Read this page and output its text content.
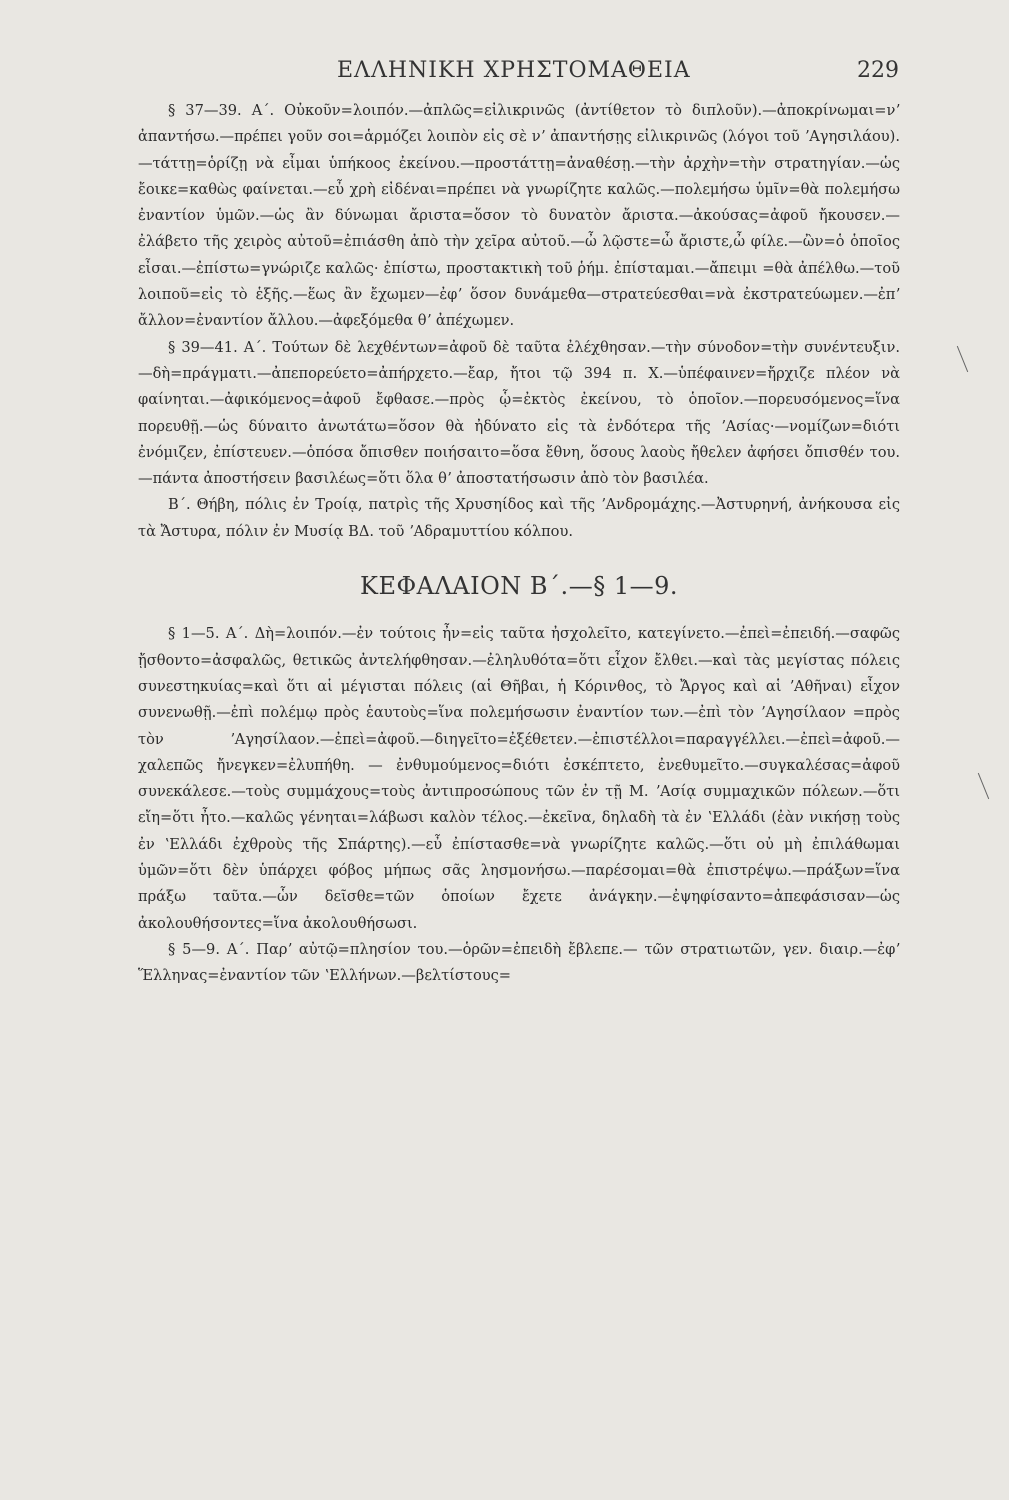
ΕΛΛΗΝΙΚΗ ΧΡΗΣΤΟΜΑΘΕΙΑ	229

§ 37—39. Α΄. Οὐκοῦν=λοιπόν.—ἀπλῶς=εἰλικρινῶς (ἀντίθετον τὸ διπλοῦν).—ἀποκρίνωμαι=νʼ ἀπαντήσω.—πρέπει γοῦν σοι=ἁρμόζει λοιπὸν εἰς σὲ νʼ ἀπαντήσῃς εἰλικρινῶς (λόγοι τοῦ ʼΑγησιλάου).—τάττῃ=ὁρίζῃ νὰ εἶμαι ὑπήκοος ἐκείνου.—προστάττῃ=ἀναθέσῃ.—τὴν ἀρχὴν=τὴν στρατηγίαν.—ὡς ἔοικε=καθὼς φαίνεται.—εὖ χρὴ εἰδέναι=πρέπει νὰ γνωρίζητε καλῶς.—πολεμήσω ὑμῖν=θὰ πολεμήσω ἐναντίον ὑμῶν.—ὡς ἂν δύνωμαι ἄριστα=ὅσον τὸ δυνατὸν ἄριστα.—ἀκούσας=ἀφοῦ ἤκουσεν.—ἐλάβετο τῆς χειρὸς αὐτοῦ=ἐπιάσθη ἀπὸ τὴν χεῖρα αὐτοῦ.—ὦ λῷστε=ὦ ἄριστε,ὦ φίλε.—ὢν=ὁ ὁποῖος εἶσαι.—ἐπίστω=γνώριζε καλῶς· ἐπίστω, προστακτικὴ τοῦ ῥήμ. ἐπίσταμαι.—ἄπειμι =θὰ ἀπέλθω.—τοῦ λοιποῦ=εἰς τὸ ἑξῆς.—ἕως ἂν ἔχωμεν—ἐφʼ ὅσον δυνάμεθα—στρατεύεσθαι=νὰ ἐκστρατεύωμεν.—ἐπʼ ἄλλον=ἐναντίον ἄλλου.—ἀφεξόμεθα θʼ ἀπέχωμεν.

§ 39—41. Α΄. Τούτων δὲ λεχθέντων=ἀφοῦ δὲ ταῦτα ἐλέχθησαν.—τὴν σύνοδον=τὴν συνέντευξιν.—δὴ=πράγματι.—ἀπεπορεύετο=ἀπήρχετο.—ἔαρ, ἤτοι τῷ 394 π. Χ.—ὑπέφαινεν=ἤρχιζε πλέον νὰ φαίνηται.—ἀφικόμενος=ἀφοῦ ἔφθασε.—πρὸς ᾧ=ἐκτὸς ἐκείνου, τὸ ὁποῖον.—πορευσόμενος=ἵνα πορευθῇ.—ὡς δύναιτο ἀνωτάτω=ὅσον θὰ ἠδύνατο εἰς τὰ ἐνδότερα τῆς ʼΑσίας·—νομίζων=διότι ἐνόμιζεν, ἐπίστευεν.—ὁπόσα ὄπισθεν ποιήσαιτο=ὅσα ἔθνη, ὅσους λαοὺς ἤθελεν ἀφήσει ὄπισθέν του.—πάντα ἀποστήσειν βασιλέως=ὅτι ὅλα θʼ ἀποστατήσωσιν ἀπὸ τὸν βασιλέα.

Β΄. Θήβη, πόλις ἐν Τροίᾳ, πατρὶς τῆς Χρυσηίδος καὶ τῆς ʼΑνδρομάχης.—Ἀστυρηνή, ἀνήκουσα εἰς τὰ Ἄστυρα, πόλιν ἐν Μυσίᾳ ΒΔ. τοῦ ʼΑδραμυττίου κόλπου.

ΚΕΦΑΛΑΙΟΝ Β΄.—§ 1—9.

§ 1—5. Α΄. Δὴ=λοιπόν.—ἐν τούτοις ἦν=εἰς ταῦτα ἠσχολεῖτο, κατεγίνετο.—ἐπεὶ=ἐπειδή.—σαφῶς ᾔσθοντο=ἀσφαλῶς, θετικῶς ἀντελήφθησαν.—ἐληλυθότα=ὅτι εἶχον ἔλθει.—καὶ τὰς μεγίστας πόλεις συνεστηκυίας=καὶ ὅτι αἱ μέγισται πόλεις (αἱ Θῆβαι, ἡ Κόρινθος, τὸ Ἄργος καὶ αἱ ʼΑθῆναι) εἶχον συνενωθῇ.—ἐπὶ πολέμῳ πρὸς ἑαυτοὺς=ἵνα πολεμήσωσιν ἐναντίον των.—ἐπὶ τὸν ʼΑγησίλαον =πρὸς τὸν ʼΑγησίλαον.—ἐπεὶ=ἀφοῦ.—διηγεῖτο=ἐξέθετεν.—ἐπιστέλλοι=παραγγέλλει.—ἐπεὶ=ἀφοῦ.—χαλεπῶς ἤνεγκεν=ἐλυπήθη. — ἐνθυμούμενος=διότι ἐσκέπτετο, ἐνεθυμεῖτο.—συγκαλέσας=ἀφοῦ συνεκάλεσε.—τοὺς συμμάχους=τοὺς ἀντιπροσώπους τῶν ἐν τῇ Μ. ʼΑσίᾳ συμμαχικῶν πόλεων.—ὅτι εἴη=ὅτι ἦτο.—καλῶς γένηται=λάβωσι καλὸν τέλος.—ἐκεῖνα, δηλαδὴ τὰ ἐν ʽΕλλάδι (ἐὰν νικήσῃ τοὺς ἐν ʽΕλλάδι ἐχθροὺς τῆς Σπάρτης).—εὖ ἐπίστασθε=νὰ γνωρίζητε καλῶς.—ὅτι οὐ μὴ ἐπιλάθωμαι ὑμῶν=ὅτι δὲν ὑπάρχει φόβος μήπως σᾶς λησμονήσω.—παρέσομαι=θὰ ἐπιστρέψω.—πράξων=ἵνα πράξω ταῦτα.—ὧν δεῖσθε=τῶν ὁποίων ἔχετε ἀνάγκην.—ἐψηφίσαντο=ἀπεφάσισαν—ὡς ἀκολουθήσοντες=ἵνα ἀκολουθήσωσι.

§ 5—9. Α΄. Παρʼ αὐτῷ=πλησίον του.—ὁρῶν=ἐπειδὴ ἔβλεπε.— τῶν στρατιωτῶν, γεν. διαιρ.—ἐφʼ Ἕλληνας=ἐναντίον τῶν ʽΕλλήνων.—βελτίστους=
